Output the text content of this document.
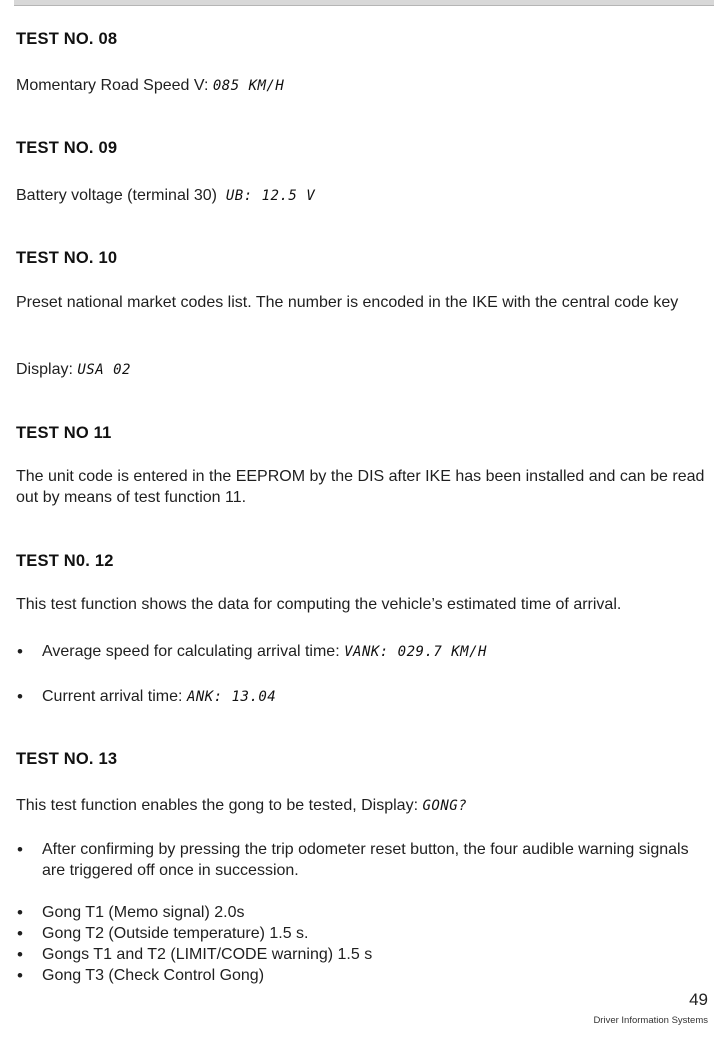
TEST NO. 08

Momentary Road Speed V: 085 KM/H

TEST NO. 09

Battery voltage (terminal 30) UB: 12.5 V

TEST NO. 10

Preset national market codes list. The number is encoded in the IKE with the central code key

Display: USA 02

TEST NO 11

The unit code is entered in the EEPROM by the DIS after IKE has been installed and can be read out by means of test function 11.

TEST N0. 12

This test function shows the data for computing the vehicle’s estimated time of arrival.

• Average speed for calculating arrival time: VANK: 029.7 KM/H
• Current arrival time: ANK: 13.04
TEST NO. 13

This test function enables the gong to be tested, Display: GONG?

• After confirming by pressing the trip odometer reset button, the four audible warning signals are triggered off once in succession.
• Gong T1 (Memo signal) 2.0s
• Gong T2 (Outside temperature) 1.5 s.
• Gongs T1 and T2 (LIMIT/CODE warning) 1.5 s
• Gong T3 (Check Control Gong)
49
Driver Information Systems
